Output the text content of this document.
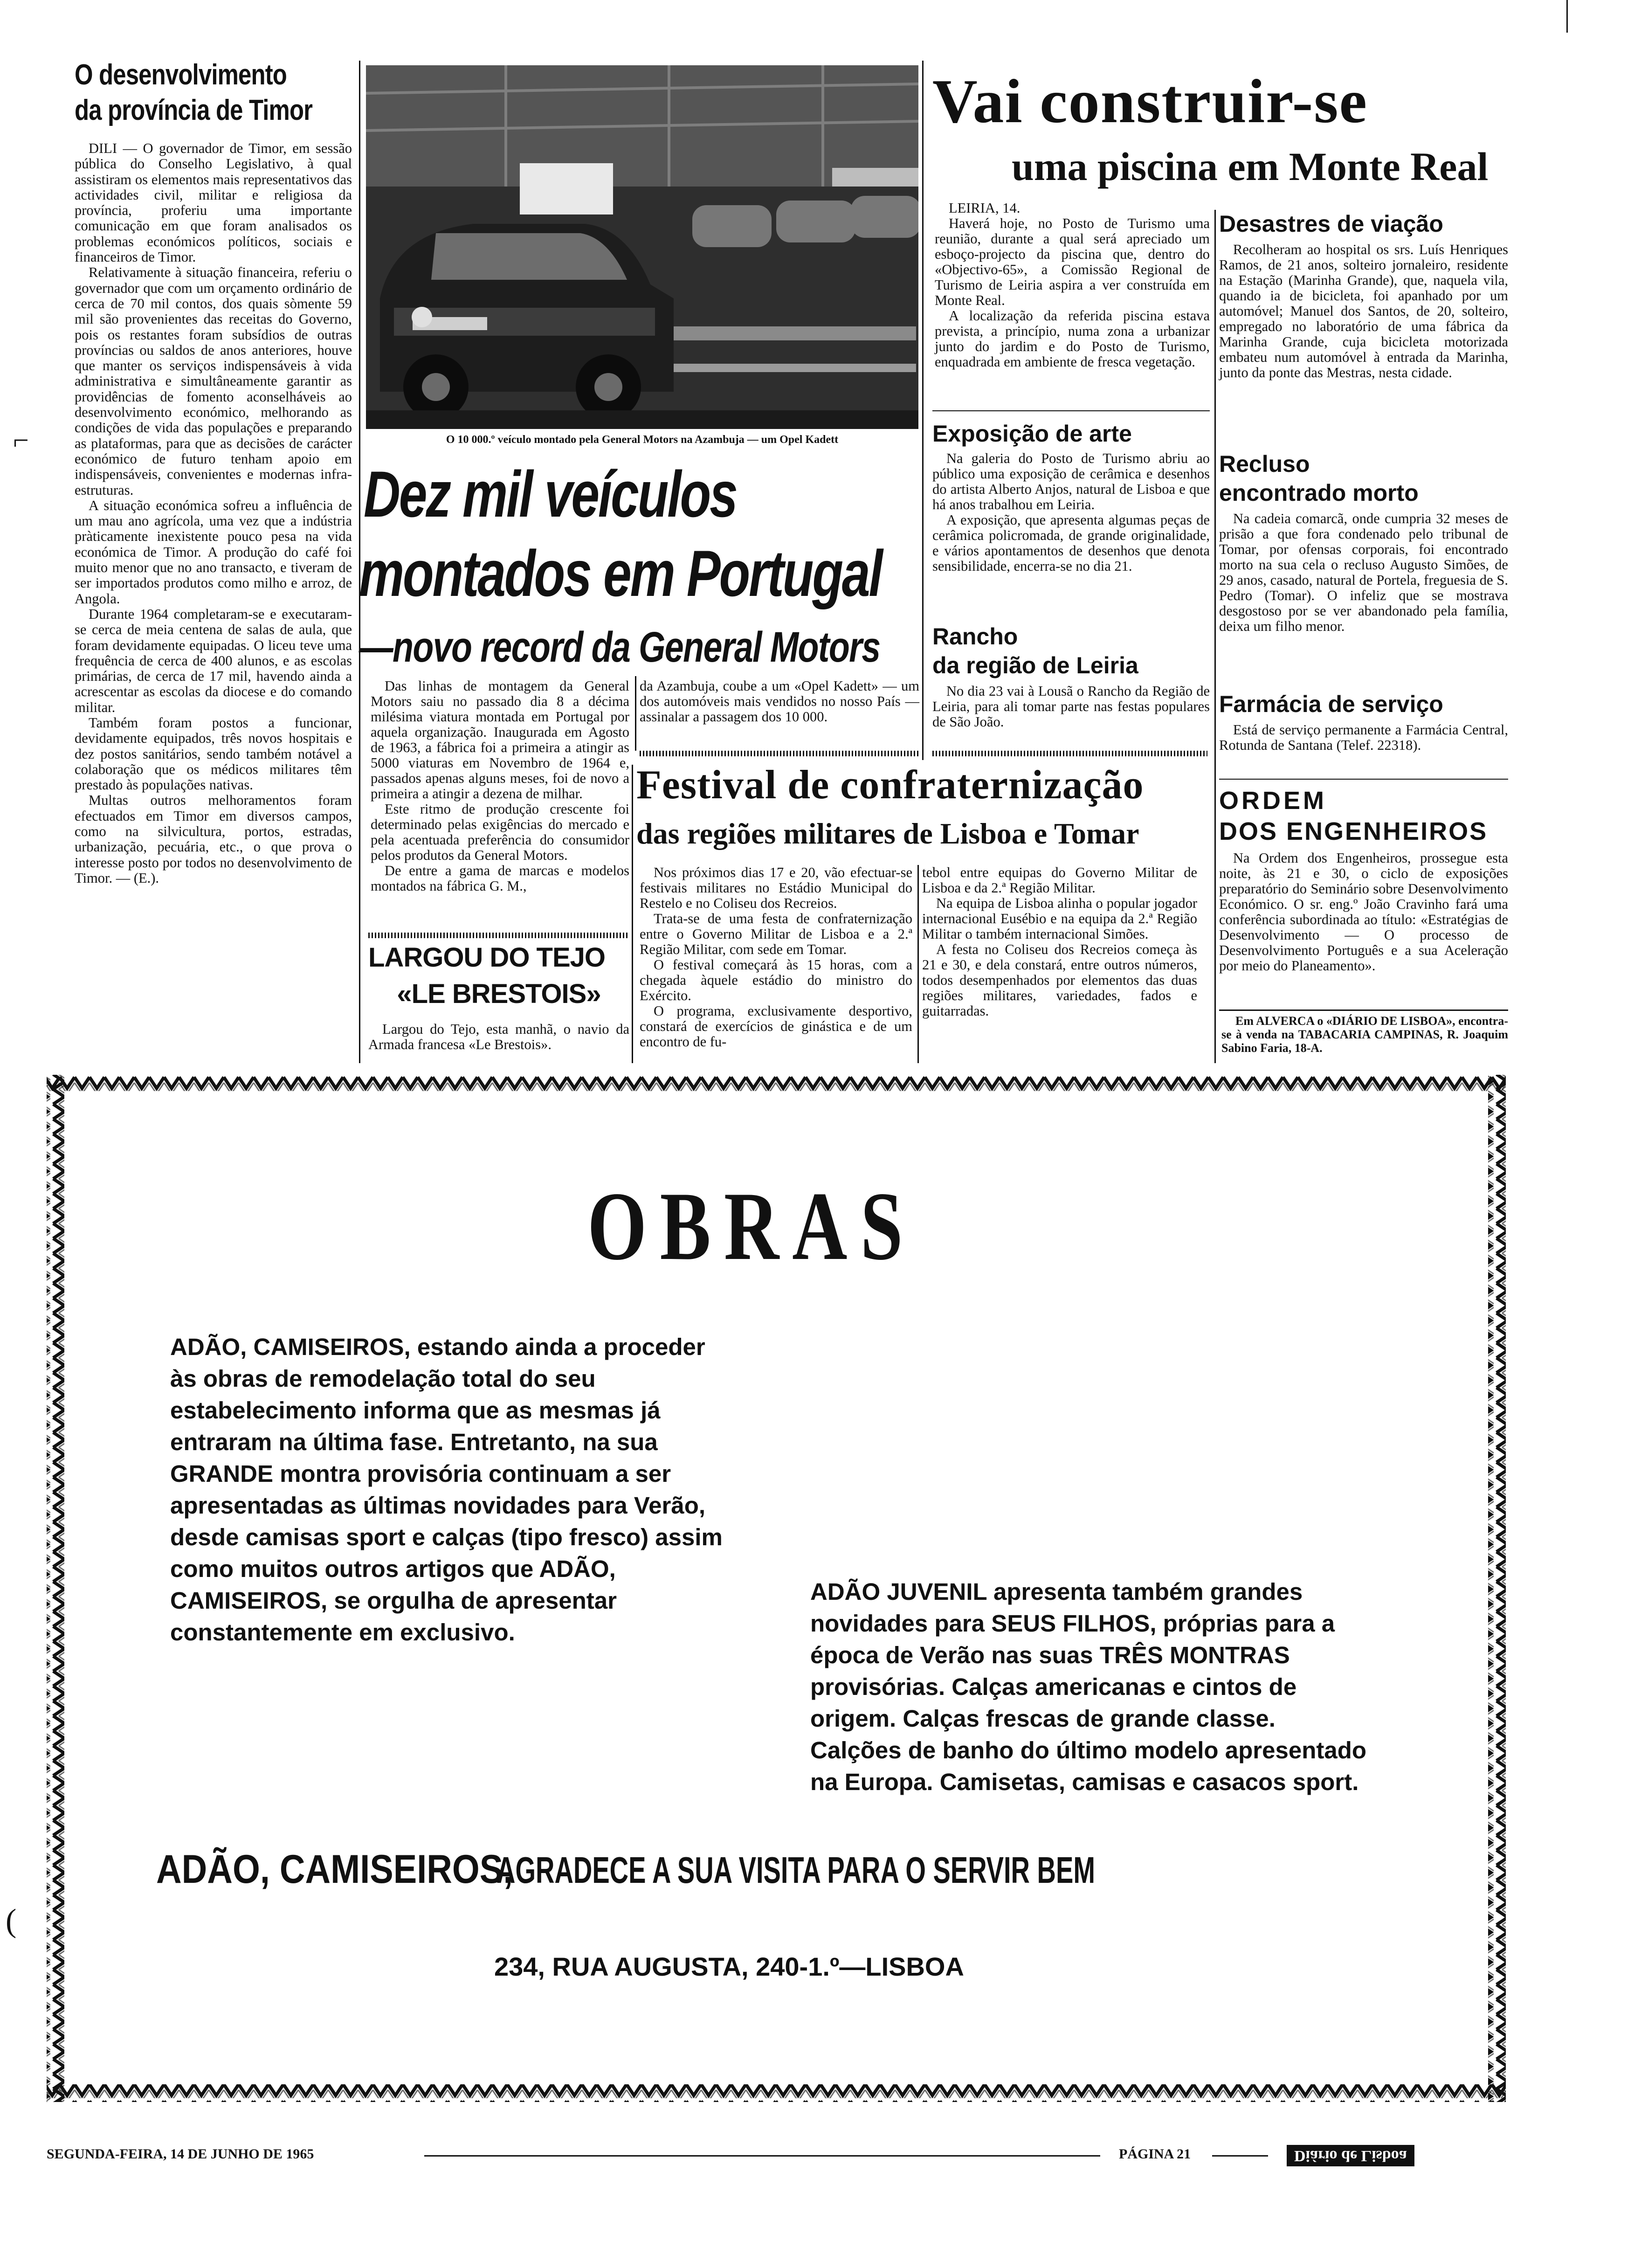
⌐
(
O desenvolvimento
da província de Timor

DILI — O governador de Timor, em sessão pública do Conselho Legislativo, à qual assistiram os elementos mais representativos das actividades civil, militar e religiosa da província, proferiu uma importante comunicação em que foram analisados os problemas económicos políticos, sociais e financeiros de Timor.

Relativamente à situação financeira, referiu o governador que com um orçamento ordinário de cerca de 70 mil contos, dos quais sòmente 59 mil são provenientes das receitas do Governo, pois os restantes foram subsídios de outras províncias ou saldos de anos anteriores, houve que manter os serviços indispensáveis à vida administrativa e simultâneamente garantir as providências de fomento aconselháveis ao desenvolvimento económico, melhorando as condições de vida das populações e preparando as plataformas, para que as decisões de carácter económico de futuro tenham apoio em indispensáveis, convenientes e modernas infra-estruturas.

A situação económica sofreu a influência de um mau ano agrícola, uma vez que a indústria pràticamente inexistente pouco pesa na vida económica de Timor. A produção do café foi muito menor que no ano transacto, e tiveram de ser importados produtos como milho e arroz, de Angola.

Durante 1964 completaram-se e executaram-se cerca de meia centena de salas de aula, que foram devidamente equipadas. O liceu teve uma frequência de cerca de 400 alunos, e as escolas primárias, de cerca de 17 mil, havendo ainda a acrescentar as escolas da diocese e do comando militar.

Também foram postos a funcionar, devidamente equipados, três novos hospitais e dez postos sanitários, sendo também notável a colaboração que os médicos militares têm prestado às populações nativas.

Multas outros melhoramentos foram efectuados em Timor em diversos campos, como na silvicultura, portos, estradas, urbanização, pecuária, etc., o que prova o interesse posto por todos no desenvolvimento de Timor. — (E.).

O 10 000.º veículo montado pela General Motors na Azambuja — um Opel Kadett
Dez mil veículos
montados em Portugal
—novo record da General Motors

Das linhas de montagem da General Motors saiu no passado dia 8 a décima milésima viatura montada em Portugal por aquela organização. Inaugurada em Agosto de 1963, a fábrica foi a primeira a atingir as 5000 viaturas em Novembro de 1964 e, passados apenas alguns meses, foi de novo a primeira a atingir a dezena de milhar.

Este ritmo de produção crescente foi determinado pelas exigências do mercado e pela acentuada preferência do consumidor pelos produtos da General Motors.

De entre a gama de marcas e modelos montados na fábrica G. M.,

da Azambuja, coube a um «Opel Kadett» — um dos automóveis mais vendidos no nosso País — assinalar a passagem dos 10 000.

LARGOU DO TEJO
«LE BRESTOIS»
Largou do Tejo, esta manhã, o navio da Armada francesa «Le Brestois».
Festival de confraternização
das regiões militares de Lisboa e Tomar

Nos próximos dias 17 e 20, vão efectuar-se festivais militares no Estádio Municipal do Restelo e no Coliseu dos Recreios.

Trata-se de uma festa de confraternização entre o Governo Militar de Lisboa e a 2.ª Região Militar, com sede em Tomar.

O festival começará às 15 horas, com a chegada àquele estádio do ministro do Exército.

O programa, exclusivamente desportivo, constará de exercícios de ginástica e de um encontro de fu-

tebol entre equipas do Governo Militar de Lisboa e da 2.ª Região Militar.

Na equipa de Lisboa alinha o popular jogador internacional Eusébio e na equipa da 2.ª Região Militar o também internacional Simões.

A festa no Coliseu dos Recreios começa às 21 e 30, e dela constará, entre outros números, todos desempenhados por elementos das duas regiões militares, variedades, fados e guitarradas.

Vai construir-se
uma piscina em Monte Real

LEIRIA, 14.

Haverá hoje, no Posto de Turismo uma reunião, durante a qual será apreciado um esboço-projecto da piscina que, dentro do «Objectivo-65», a Comissão Regional de Turismo de Leiria aspira a ver construída em Monte Real.

A localização da referida piscina estava prevista, a princípio, numa zona a urbanizar junto do jardim e do Posto de Turismo, enquadrada em ambiente de fresca vegetação.

Exposição de arte

Na galeria do Posto de Turismo abriu ao público uma exposição de cerâmica e desenhos do artista Alberto Anjos, natural de Lisboa e que há anos trabalhou em Leiria.

A exposição, que apresenta algumas peças de cerâmica policromada, de grande originalidade, e vários apontamentos de desenhos que denota sensibilidade, encerra-se no dia 21.

Rancho
da região de Leiria
No dia 23 vai à Lousã o Rancho da Região de Leiria, para ali tomar parte nas festas populares de São João.
Desastres de viação
Recolheram ao hospital os srs. Luís Henriques Ramos, de 21 anos, solteiro jornaleiro, residente na Estação (Marinha Grande), que, naquela vila, quando ia de bicicleta, foi apanhado por um automóvel; Manuel dos Santos, de 20, solteiro, empregado no laboratório de uma fábrica da Marinha Grande, cuja bicicleta motorizada embateu num automóvel à entrada da Marinha, junto da ponte das Mestras, nesta cidade.
Recluso
encontrado morto
Na cadeia comarcã, onde cumpria 32 meses de prisão a que fora condenado pelo tribunal de Tomar, por ofensas corporais, foi encontrado morto na sua cela o recluso Augusto Simões, de 29 anos, casado, natural de Portela, freguesia de S. Pedro (Tomar). O infeliz que se mostrava desgostoso por se ver abandonado pela família, deixa um filho menor.
Farmácia de serviço
Está de serviço permanente a Farmácia Central, Rotunda de Santana (Telef. 22318).
ORDEM
DOS ENGENHEIROS
Na Ordem dos Engenheiros, prossegue esta noite, às 21 e 30, o ciclo de exposições preparatório do Seminário sobre Desenvolvimento Económico. O sr. eng.º João Cravinho fará uma conferência subordinada ao título: «Estratégias de Desenvolvimento — O processo de Desenvolvimento Português e a sua Aceleração por meio do Planeamento».
Em ALVERCA o «DIÁRIO DE LISBOA», encontra-se à venda na TABACARIA CAMPINAS, R. Joaquim Sabino Faria, 18-A.
OBRAS
ADÃO, CAMISEIROS, estando ainda a proceder às obras de remodelação total do seu estabelecimento informa que as mesmas já entraram na última fase. Entretanto, na sua GRANDE montra provisória continuam a ser apresentadas as últimas novidades para Verão, desde camisas sport e calças (tipo fresco) assim como muitos outros artigos que ADÃO, CAMISEIROS, se orgulha de apresentar constantemente em exclusivo.
ADÃO JUVENIL apresenta também grandes novidades para SEUS FILHOS, próprias para a época de Verão nas suas TRÊS MONTRAS provisórias. Calças americanas e cintos de origem. Calças frescas de grande classe. Calções de banho do último modelo apresentado na Europa. Camisetas, camisas e casacos sport.
ADÃO, CAMISEIROS,AGRADECE A SUA VISITA PARA O SERVIR BEM
234, RUA AUGUSTA, 240-1.º—LISBOA
SEGUNDA-FEIRA, 14 DE JUNHO DE 1965	PÁGINA 21	Diário de Lisboa
